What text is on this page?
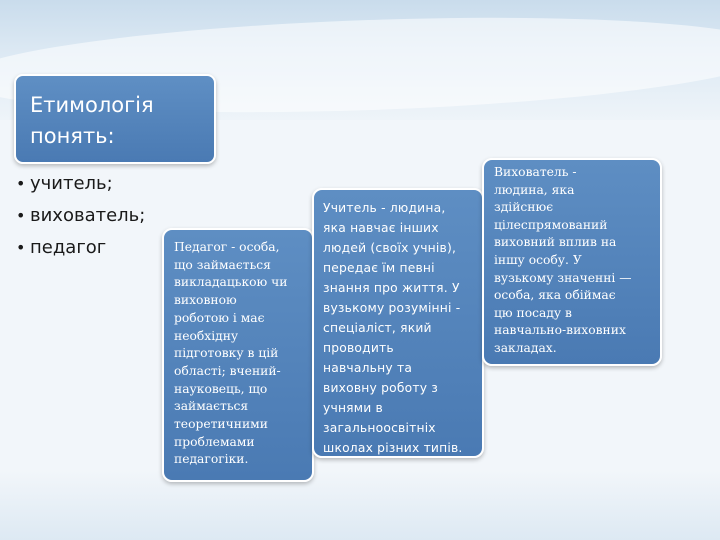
Етимологія понять:
• учитель;
• вихователь;
• педагог	Педагог - особа,
що займається
викладацькою чи
виховною
роботою і має
необхідну
підготовку в цій
області; вчений-
науковець, що
займається
теоретичними
проблемами
педагогіки.
Учитель - людина,
яка навчає інших
людей (своїх учнів),
передає їм певні
знання про життя. У
вузькому розумінні -
спеціаліст, який
проводить
навчальну та
виховну роботу з
учнями в
загальноосвітніх
школах різних типів.
Вихователь -
людина, яка
здійснює
цілеспрямований
виховний вплив на
іншу особу. У
вузькому значенні —
особа, яка обіймає
цю посаду в
навчально-виховних
закладах.
